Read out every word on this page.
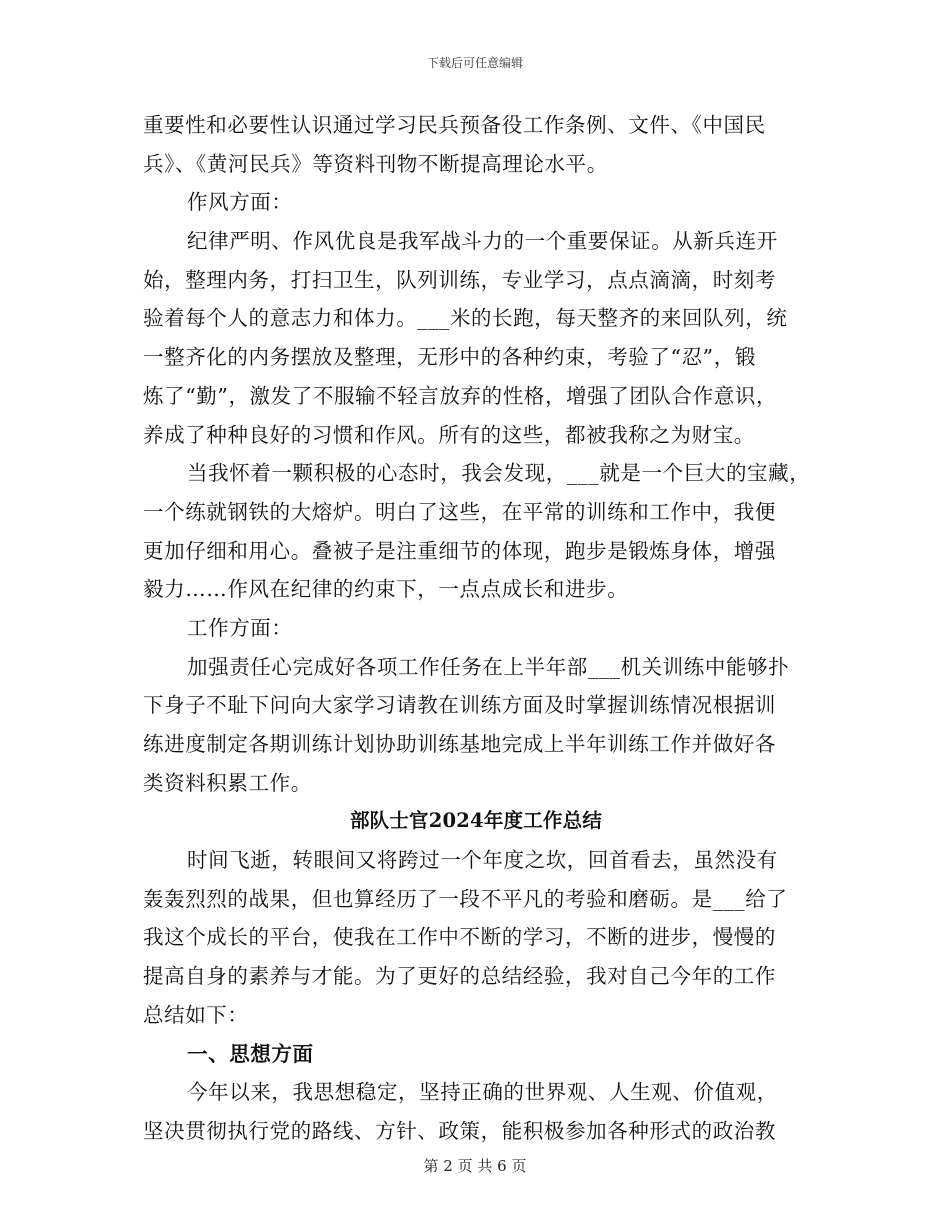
下载后可任意编辑
重要性和必要性认识通过学习民兵预备役工作条例、文件、《中国民
兵》、《黄河民兵》等资料刊物不断提高理论水平。
作风方面：
纪律严明、作风优良是我军战斗力的一个重要保证。从新兵连开
始，整理内务，打扫卫生，队列训练，专业学习，点点滴滴，时刻考
验着每个人的意志力和体力。___米的长跑，每天整齐的来回队列，统
一整齐化的内务摆放及整理，无形中的各种约束，考验了“忍”，锻
炼了“勤”，激发了不服输不轻言放弃的性格，增强了团队合作意识，
养成了种种良好的习惯和作风。所有的这些，都被我称之为财宝。
当我怀着一颗积极的心态时，我会发现，___就是一个巨大的宝藏，
一个练就钢铁的大熔炉。明白了这些，在平常的训练和工作中，我便
更加仔细和用心。叠被子是注重细节的体现，跑步是锻炼身体，增强
毅力……作风在纪律的约束下，一点点成长和进步。
工作方面：
加强责任心完成好各项工作任务在上半年部___机关训练中能够扑
下身子不耻下问向大家学习请教在训练方面及时掌握训练情况根据训
练进度制定各期训练计划协助训练基地完成上半年训练工作并做好各
类资料积累工作。
部队士官2024年度工作总结
时间飞逝，转眼间又将跨过一个年度之坎，回首看去，虽然没有
轰轰烈烈的战果，但也算经历了一段不平凡的考验和磨砺。是___给了
我这个成长的平台，使我在工作中不断的学习，不断的进步，慢慢的
提高自身的素养与才能。为了更好的总结经验，我对自己今年的工作
总结如下：
一、思想方面
今年以来，我思想稳定，坚持正确的世界观、人生观、价值观，
坚决贯彻执行党的路线、方针、政策，能积极参加各种形式的政治教
第 2 页 共 6 页
